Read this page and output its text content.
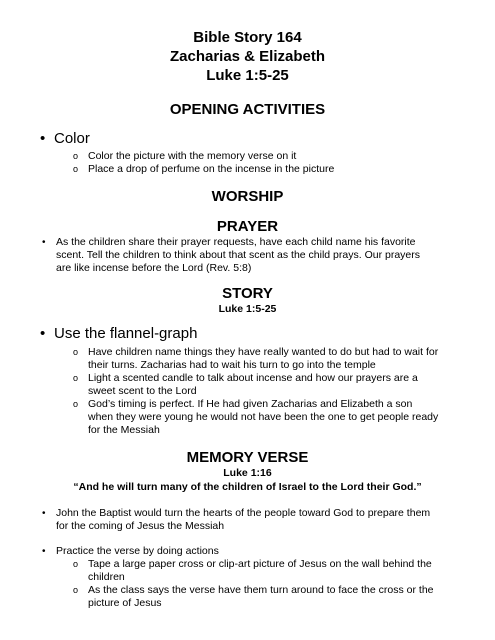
Bible Story 164
Zacharias & Elizabeth
Luke 1:5-25
OPENING ACTIVITIES
• Color
o Color the picture with the memory verse on it
o Place a drop of perfume on the incense in the picture
WORSHIP
PRAYER
• As the children share their prayer requests, have each child name his favorite
scent. Tell the children to think about that scent as the child prays. Our prayers
are like incense before the Lord (Rev. 5:8)
STORY
Luke 1:5-25
• Use the flannel-graph
o Have children name things they have really wanted to do but had to wait for
their turns. Zacharias had to wait his turn to go into the temple
o Light a scented candle to talk about incense and how our prayers are a
sweet scent to the Lord
o God’s timing is perfect. If He had given Zacharias and Elizabeth a son
when they were young he would not have been the one to get people ready
for the Messiah
MEMORY VERSE
Luke 1:16
“And he will turn many of the children of Israel to the Lord their God.”
• John the Baptist would turn the hearts of the people toward God to prepare them
for the coming of Jesus the Messiah
• Practice the verse by doing actions
o Tape a large paper cross or clip-art picture of Jesus on the wall behind the
children
o As the class says the verse have them turn around to face the cross or the
picture of Jesus
